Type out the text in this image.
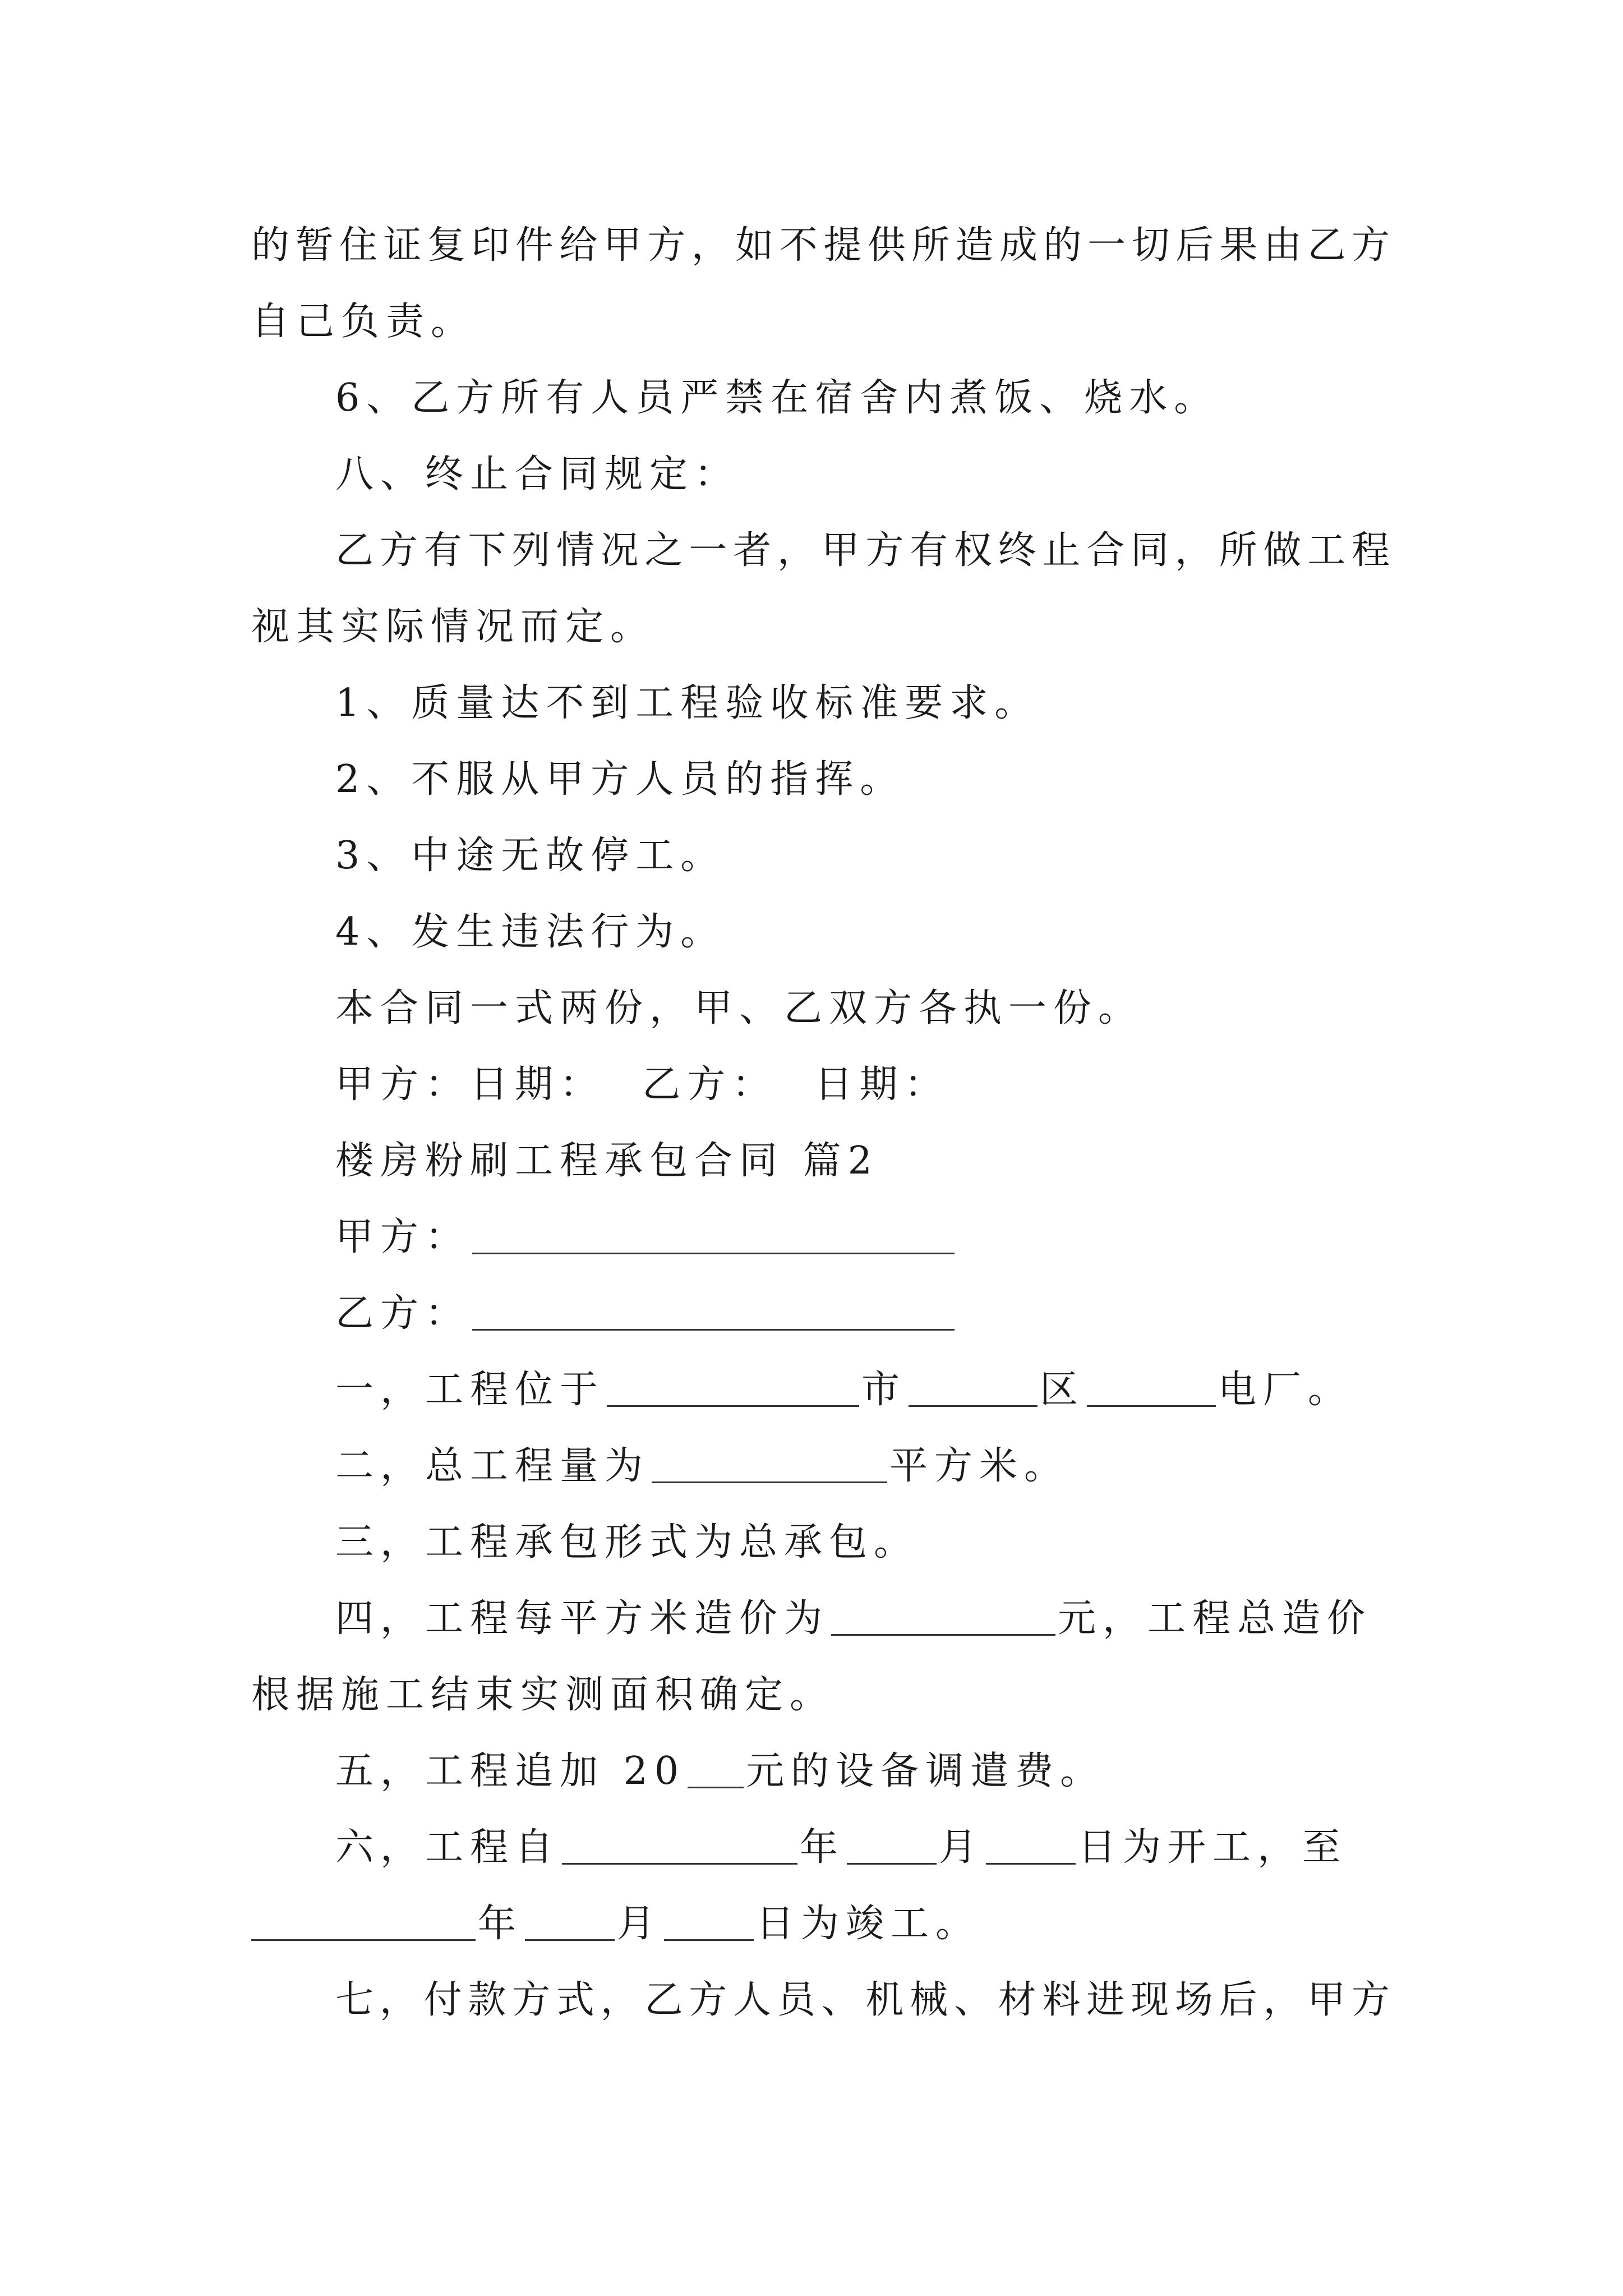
的暂住证复印件给甲方，如不提供所造成的一切后果由乙方
自己负责。
6、乙方所有人员严禁在宿舍内煮饭、烧水。
八、终止合同规定：
乙方有下列情况之一者，甲方有权终止合同，所做工程
视其实际情况而定。
1、质量达不到工程验收标准要求。
2、不服从甲方人员的指挥。
3、中途无故停工。
4、发生违法行为。
本合同一式两份，甲、乙双方各执一份。
甲方：日期：  乙方：  日期：
楼房粉刷工程承包合同 篇2
甲方：
乙方：
一，工程位于	市	区	电厂。
二，总工程量为	平方米。
三，工程承包形式为总承包。
四，工程每平方米造价为	元，工程总造价
根据施工结束实测面积确定。
五，工程追加 20 元的设备调遣费。
六，工程自	年 月 日为开工，至
年 月 日为竣工。
七，付款方式，乙方人员、机械、材料进现场后，甲方
